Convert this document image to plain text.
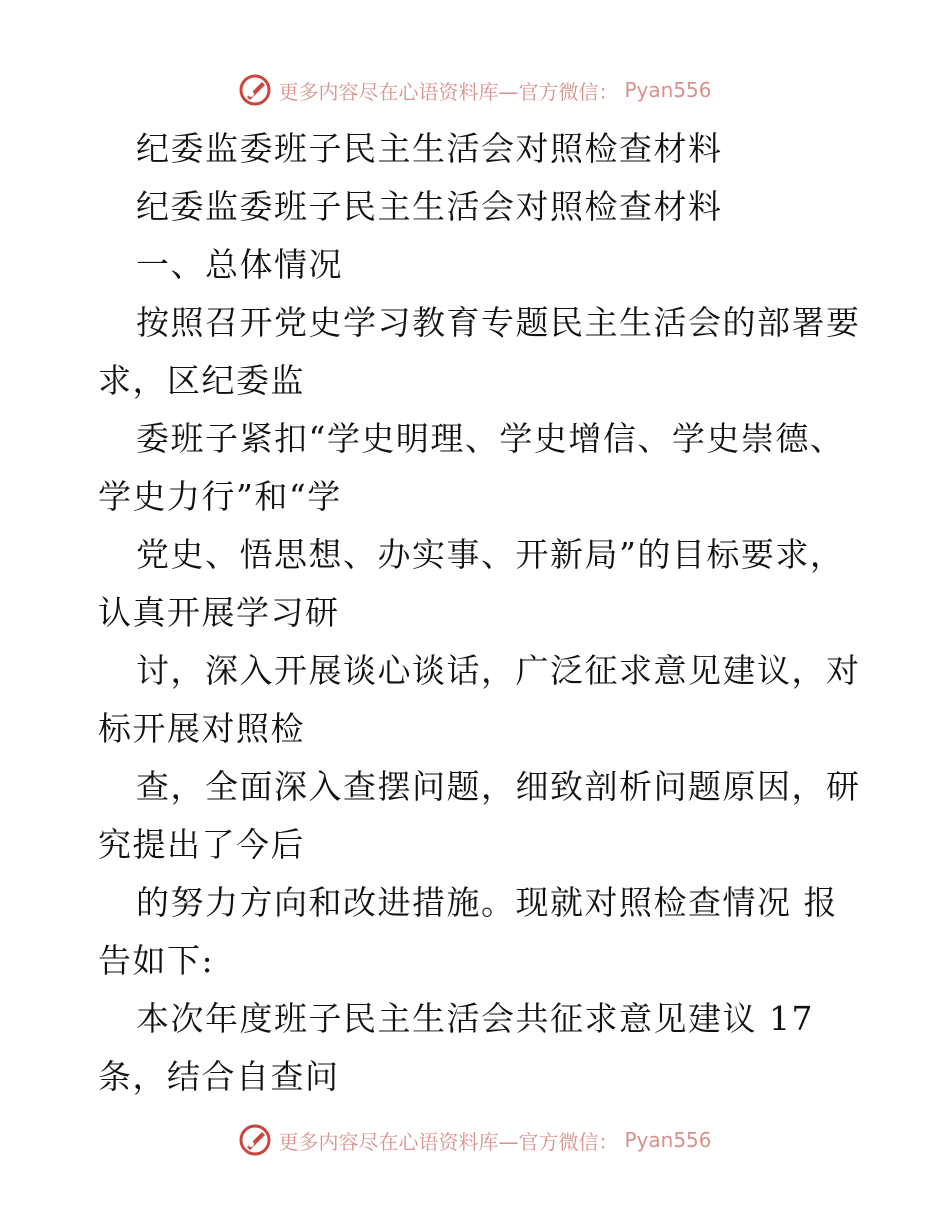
更多内容尽在心语资料库—官方微信： Pyan556
纪委监委班子民主生活会对照检查材料
纪委监委班子民主生活会对照检查材料
一、总体情况
按照召开党史学习教育专题民主生活会的部署要
求，区纪委监
委班子紧扣“学史明理、学史增信、学史崇德、
学史力行”和“学
党史、悟思想、办实事、开新局”的目标要求，
认真开展学习研
讨，深入开展谈心谈话，广泛征求意见建议，对
标开展对照检
查，全面深入查摆问题，细致剖析问题原因，研
究提出了今后
的努力方向和改进措施。现就对照检查情况 报
告如下:
本次年度班子民主生活会共征求意见建议 17
条，结合自查问
更多内容尽在心语资料库—官方微信： Pyan556
